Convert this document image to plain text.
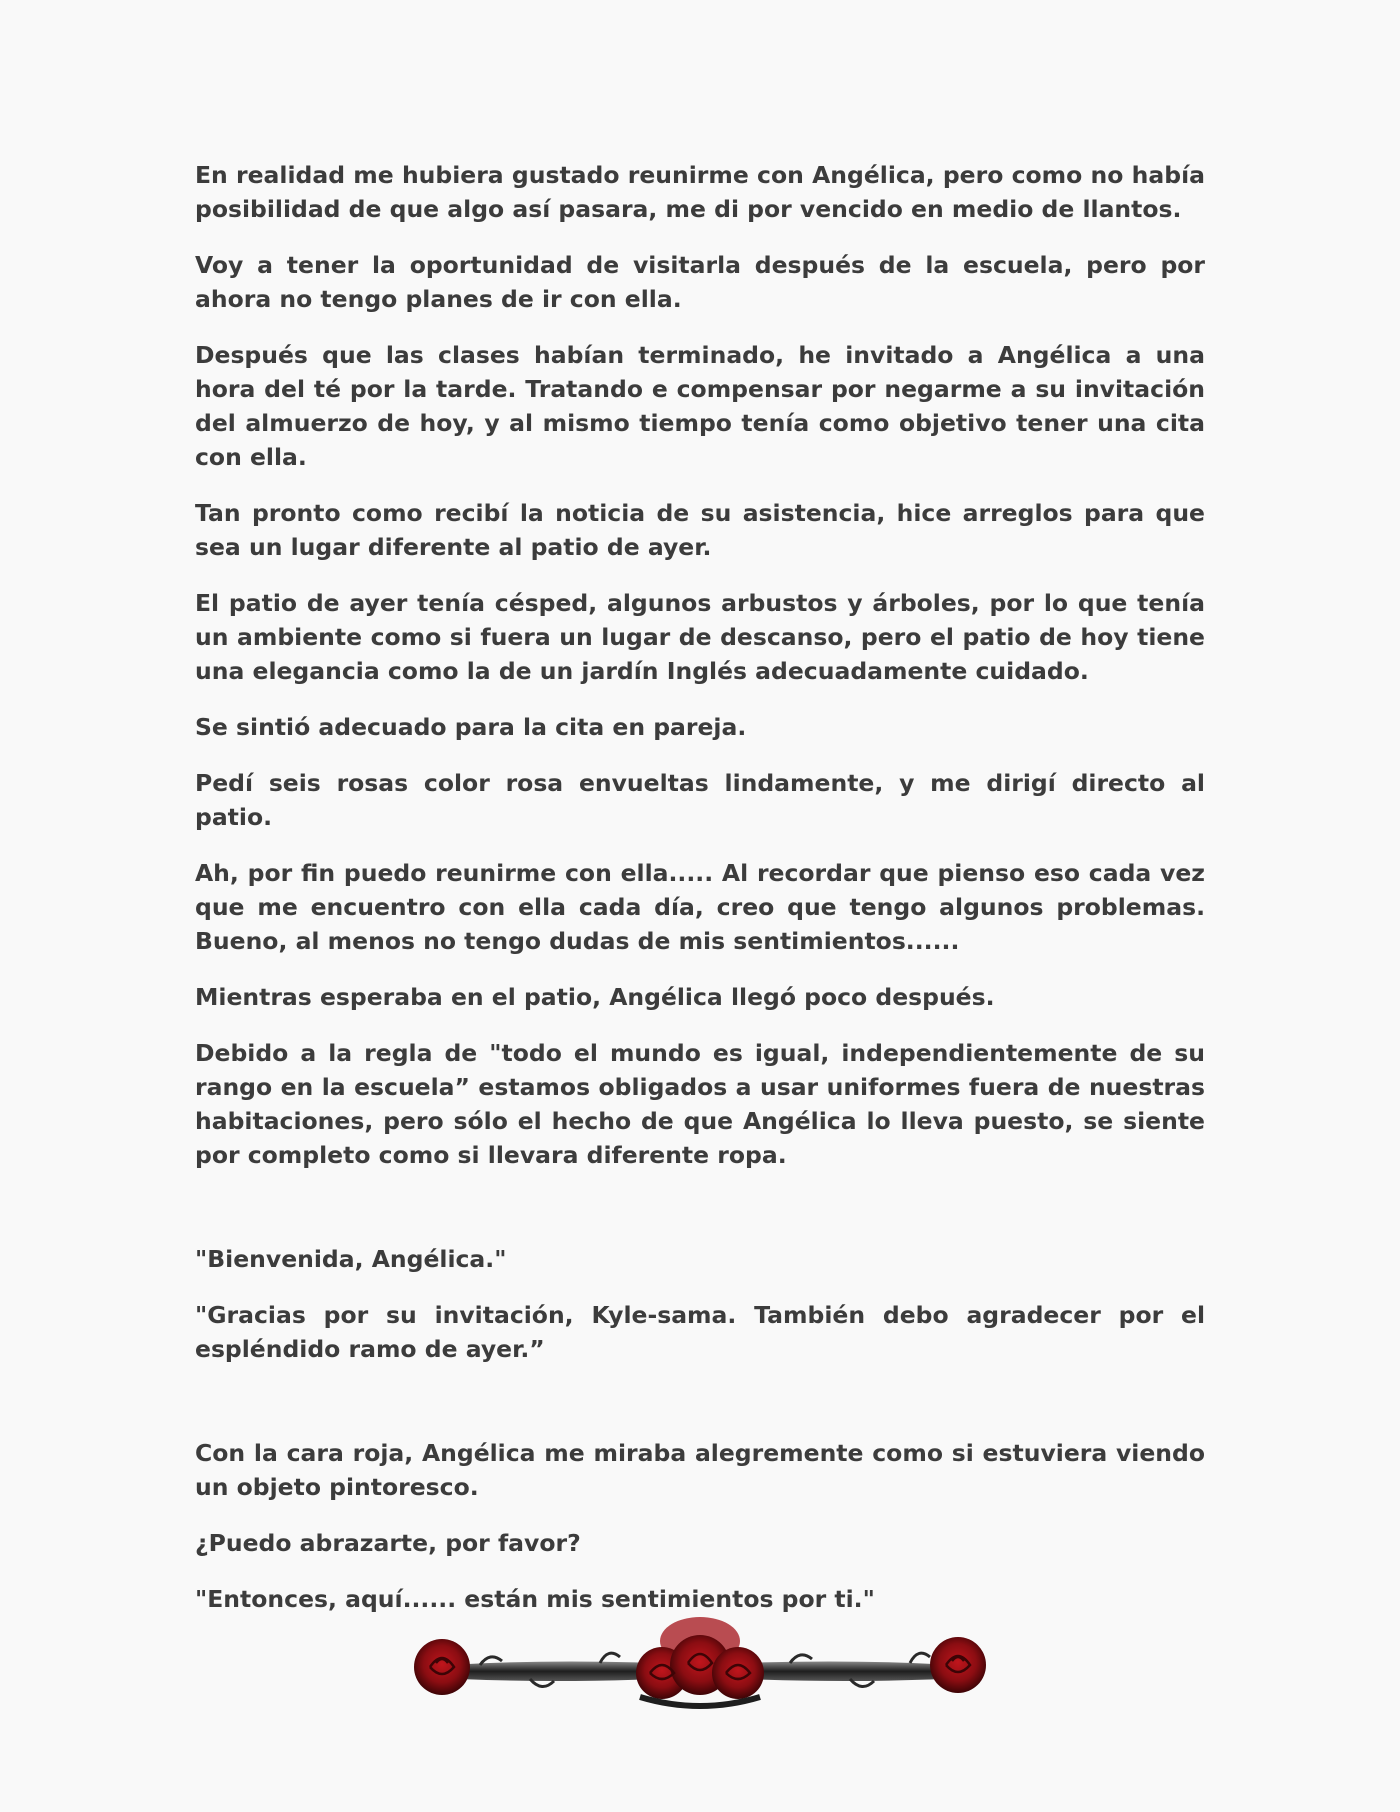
En realidad me hubiera gustado reunirme con Angélica, pero como no había posibilidad de que algo así pasara, me di por vencido en medio de llantos.

Voy a tener la oportunidad de visitarla después de la escuela, pero por ahora no tengo planes de ir con ella.

Después que las clases habían terminado, he invitado a Angélica a una hora del té por la tarde. Tratando e compensar por negarme a su invitación del almuerzo de hoy, y al mismo tiempo tenía como objetivo tener una cita con ella.

Tan pronto como recibí la noticia de su asistencia, hice arreglos para que sea un lugar diferente al patio de ayer.

El patio de ayer tenía césped, algunos arbustos y árboles, por lo que tenía un ambiente como si fuera un lugar de descanso, pero el patio de hoy tiene una elegancia como la de un jardín Inglés adecuadamente cuidado.

Se sintió adecuado para la cita en pareja.

Pedí seis rosas color rosa envueltas lindamente, y me dirigí directo al patio.

Ah, por fin puedo reunirme con ella..... Al recordar que pienso eso cada vez que me encuentro con ella cada día, creo que tengo algunos problemas. Bueno, al menos no tengo dudas de mis sentimientos......

Mientras esperaba en el patio, Angélica llegó poco después.

Debido a la regla de "todo el mundo es igual, independientemente de su rango en la escuela” estamos obligados a usar uniformes fuera de nuestras habitaciones, pero sólo el hecho de que Angélica lo lleva puesto, se siente por completo como si llevara diferente ropa.

"Bienvenida, Angélica."

"Gracias por su invitación, Kyle-sama. También debo agradecer por el espléndido ramo de ayer.”

Con la cara roja, Angélica me miraba alegremente como si estuviera viendo un objeto pintoresco.

¿Puedo abrazarte, por favor?

"Entonces, aquí...... están mis sentimientos por ti."
